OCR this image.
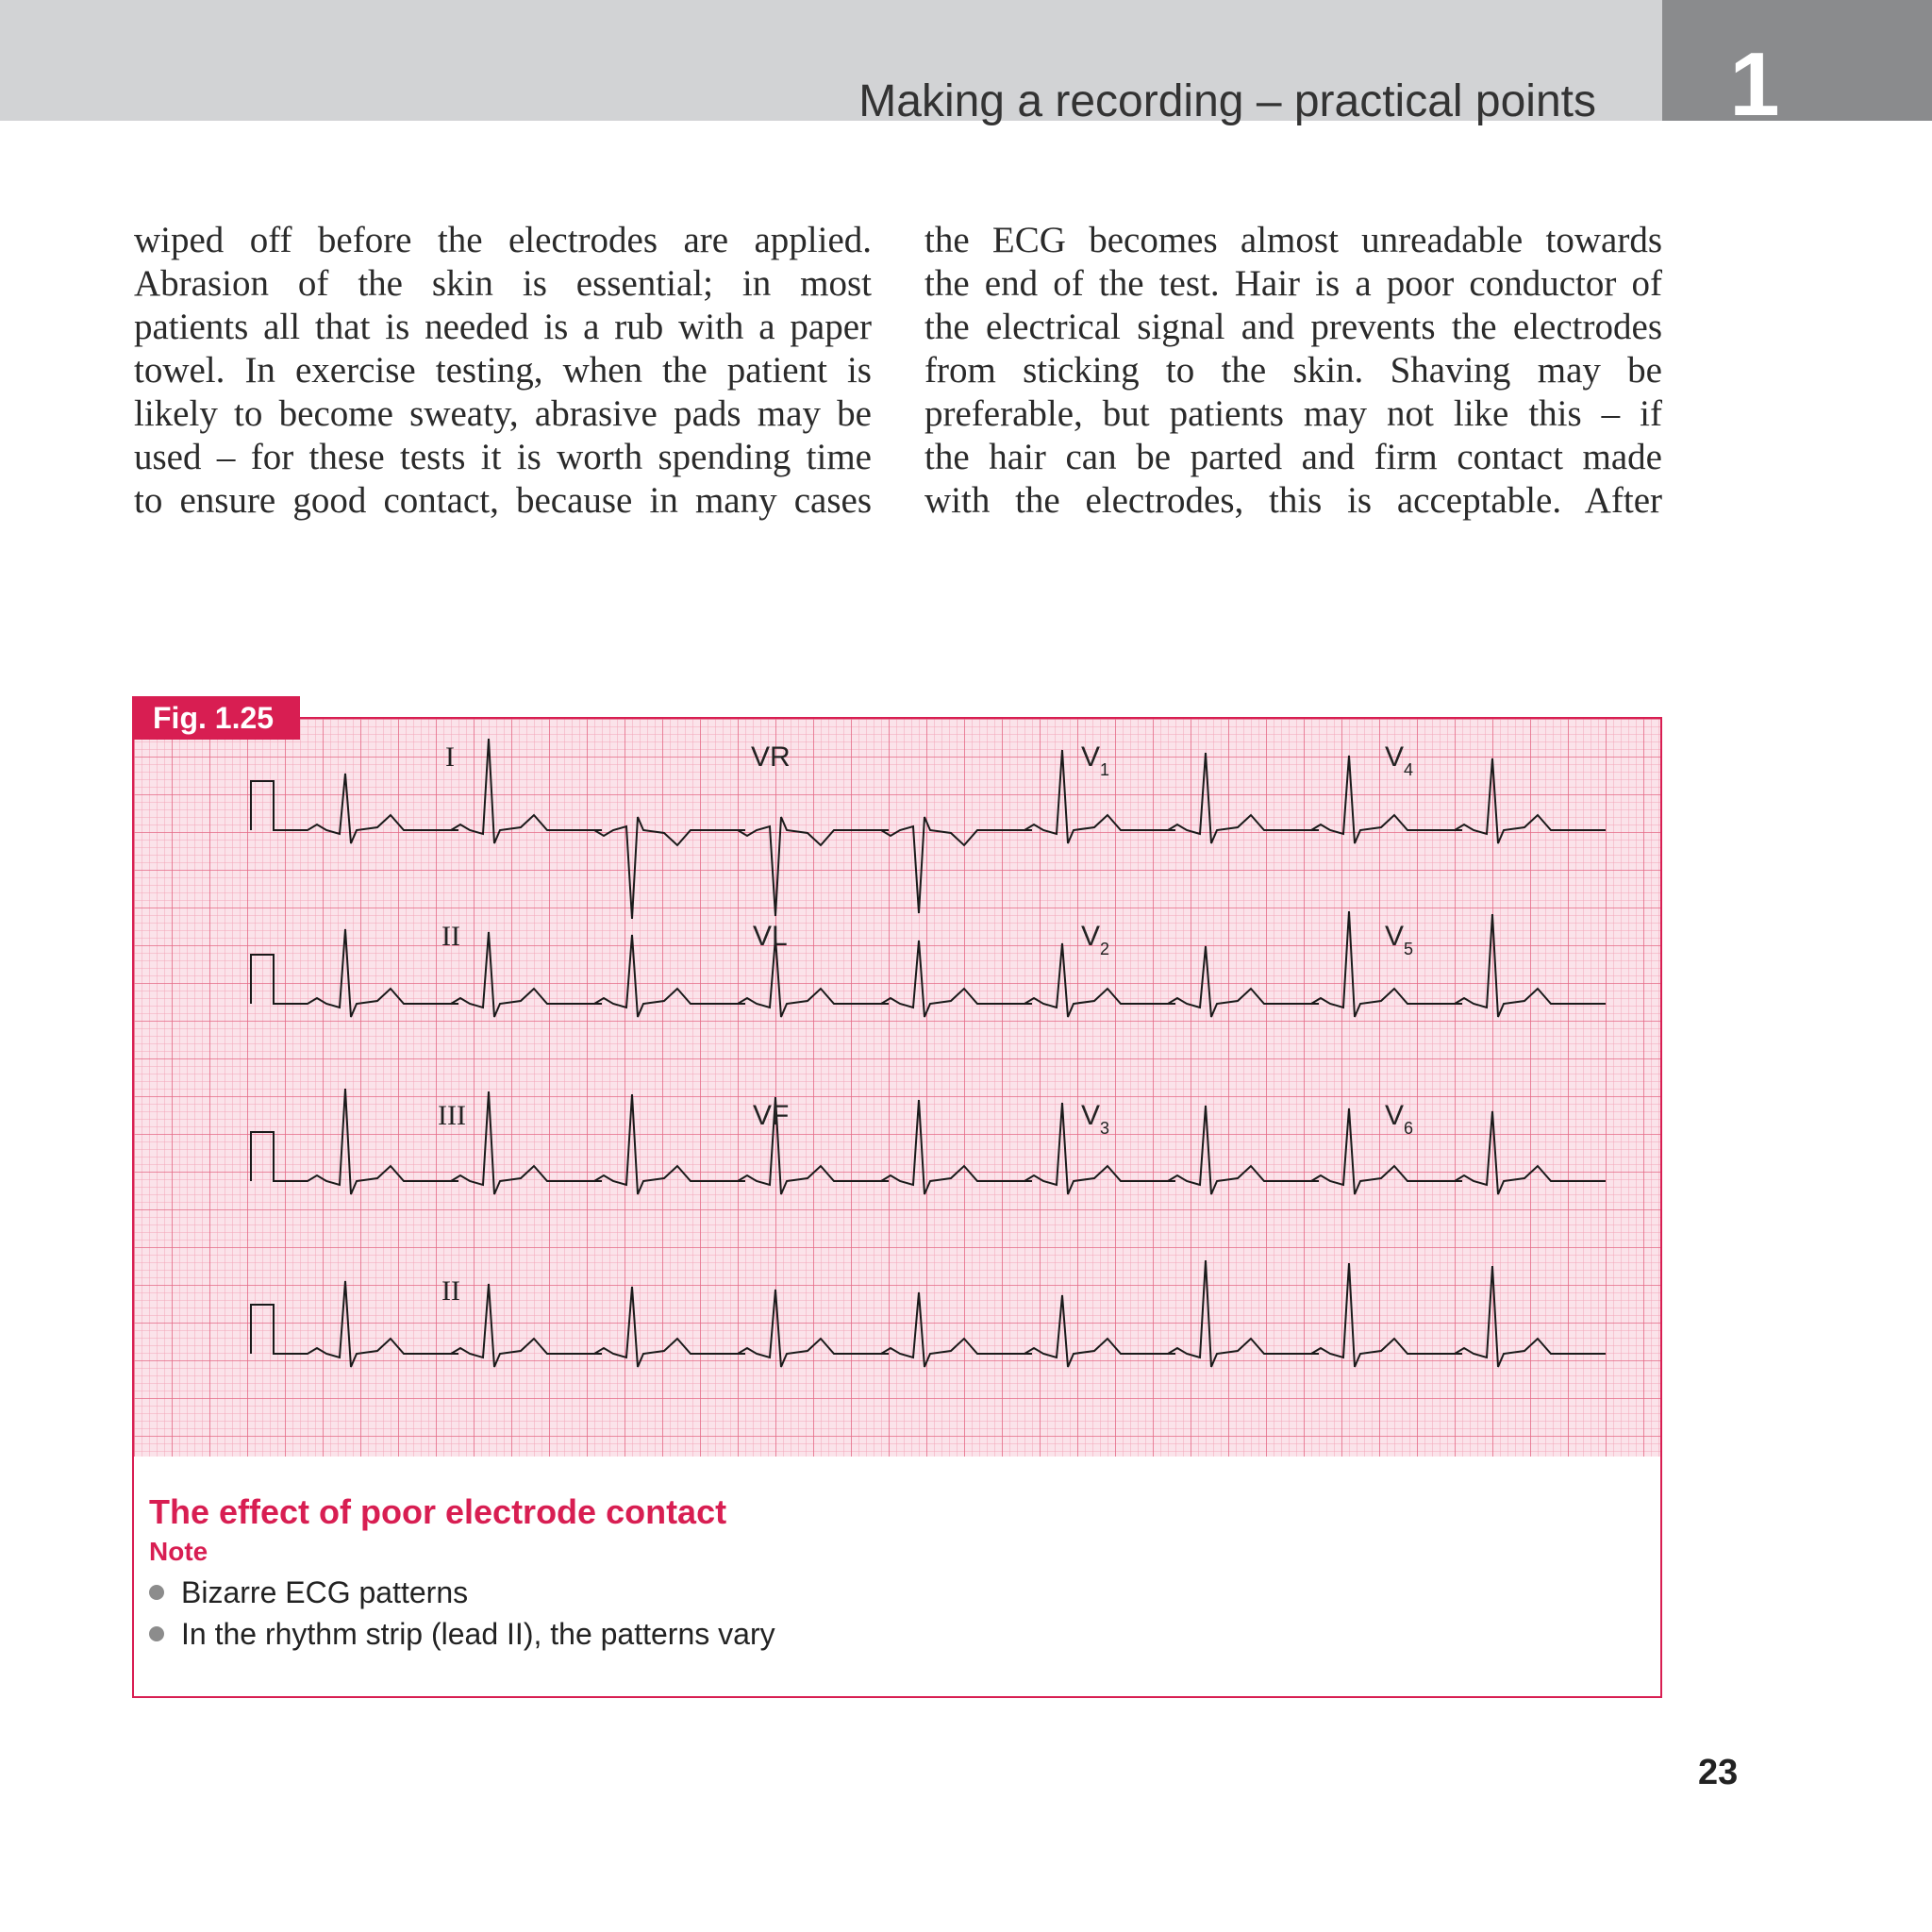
1
Making a recording – practical points
wiped off before the electrodes are applied.
Abrasion of the skin is essential; in most
patients all that is needed is a rub with a paper
towel. In exercise testing, when the patient is
likely to become sweaty, abrasive pads may be
used – for these tests it is worth spending time
to ensure good contact, because in many cases
the ECG becomes almost unreadable towards
the end of the test. Hair is a poor conductor of
the electrical signal and prevents the electrodes
from sticking to the skin. Shaving may be
preferable, but patients may not like this – if
the hair can be parted and firm contact made
with the electrodes, this is acceptable. After
I	VR	V 1	V 4
II	VL	V 2	V 5
III	VF	V 3	V 6
II
Fig. 1.25
The effect of poor electrode contact
Note
Bizarre ECG patterns
In the rhythm strip (lead II), the patterns vary
23
